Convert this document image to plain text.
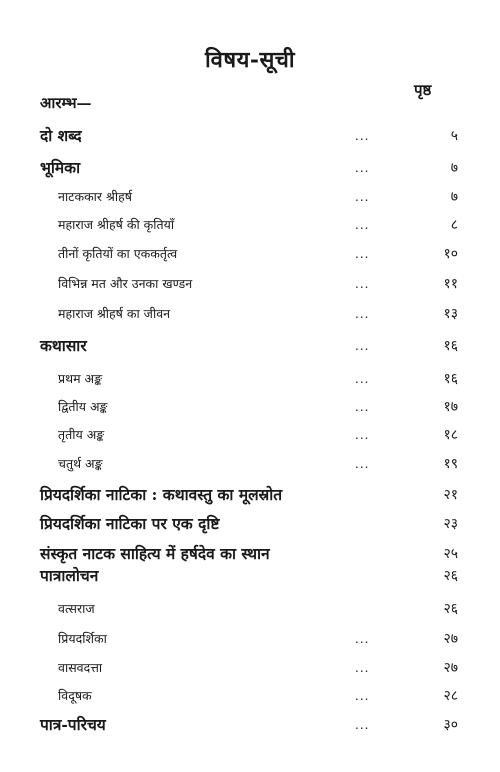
विषय-सूची
पृष्ठ
आरम्भ—
दो शब्द	...	५
भूमिका	...	७
नाटककार श्रीहर्ष	...	७
महाराज श्रीहर्ष की कृतियाँ	...	८
तीनों कृतियों का एककर्तृत्व	...	१०
विभिन्न मत और उनका खण्डन	...	११
महाराज श्रीहर्ष का जीवन	...	१३
कथासार	...	१६
प्रथम अङ्क	...	१६
द्वितीय अङ्क	...	१७
तृतीय अङ्क	...	१८
चतुर्थ अङ्क	...	१९
प्रियदर्शिका नाटिका : कथावस्तु का मूलस्रोत	२१
प्रियदर्शिका नाटिका पर एक दृष्टि	२३
संस्कृत नाटक साहित्य में हर्षदेव का स्थान	२५
पात्रालोचन	२६
वत्सराज	२६
प्रियदर्शिका	...	२७
वासवदत्ता	...	२७
विदूषक	...	२८
पात्र-परिचय	...	३०
